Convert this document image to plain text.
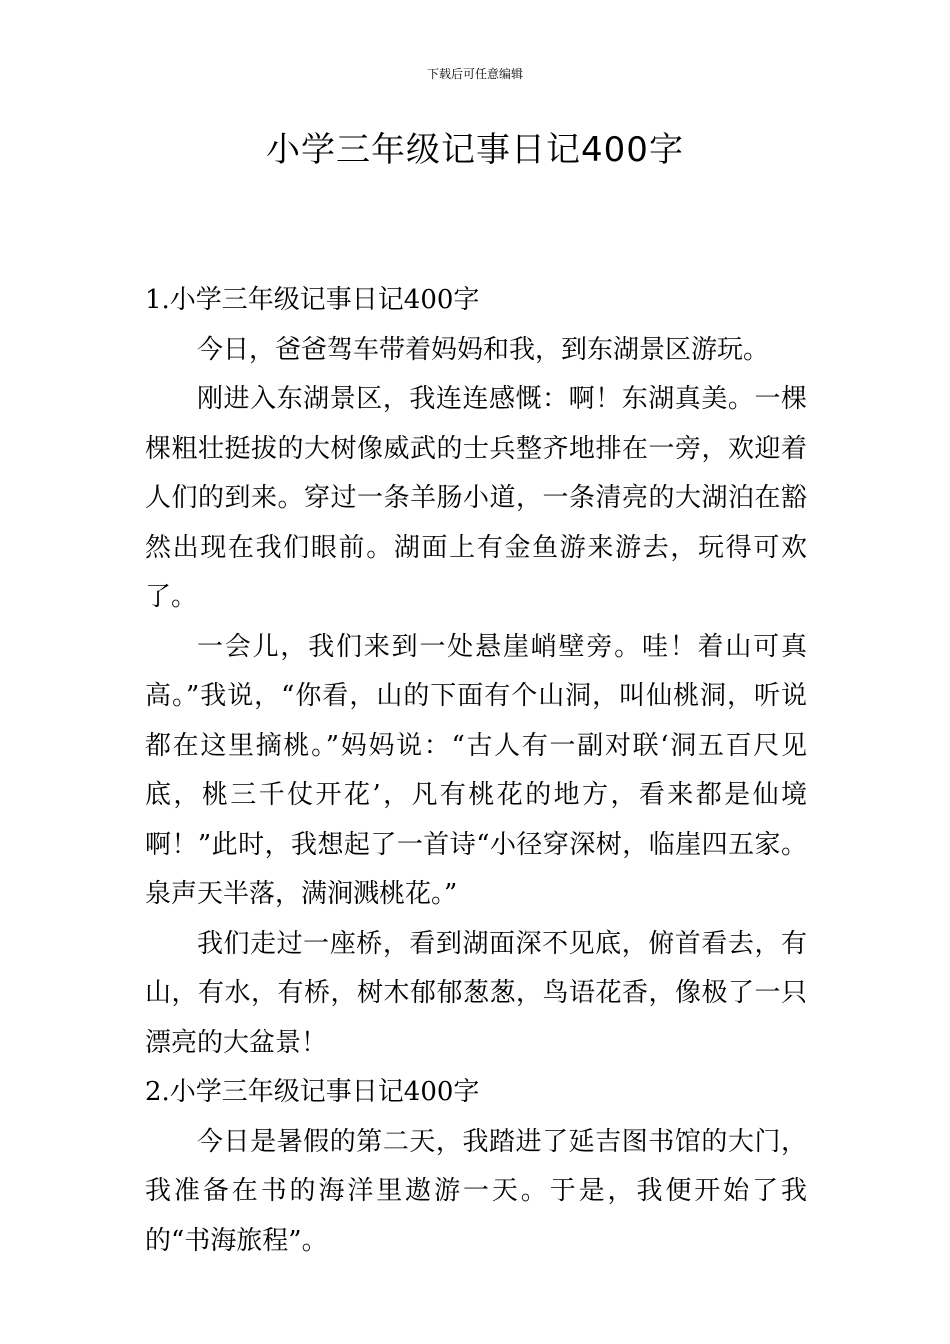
下载后可任意编辑
小学三年级记事日记400字

1.小学三年级记事日记400字

今日，爸爸驾车带着妈妈和我，到东湖景区游玩。

刚进入东湖景区，我连连感慨：啊！东湖真美。一棵棵粗壮挺拔的大树像威武的士兵整齐地排在一旁，欢迎着人们的到来。穿过一条羊肠小道，一条清亮的大湖泊在豁然出现在我们眼前。湖面上有金鱼游来游去，玩得可欢了。

一会儿，我们来到一处悬崖峭壁旁。哇！着山可真高。”我说，“你看，山的下面有个山洞，叫仙桃洞，听说都在这里摘桃。”妈妈说：“古人有一副对联‘洞五百尺见底，桃三千仗开花’，凡有桃花的地方，看来都是仙境啊！”此时，我想起了一首诗“小径穿深树，临崖四五家。泉声天半落，满涧溅桃花。”

我们走过一座桥，看到湖面深不见底，俯首看去，有山，有水，有桥，树木郁郁葱葱，鸟语花香，像极了一只漂亮的大盆景！

2.小学三年级记事日记400字

今日是暑假的第二天，我踏进了延吉图书馆的大门，我准备在书的海洋里遨游一天。于是，我便开始了我的“书海旅程”。
